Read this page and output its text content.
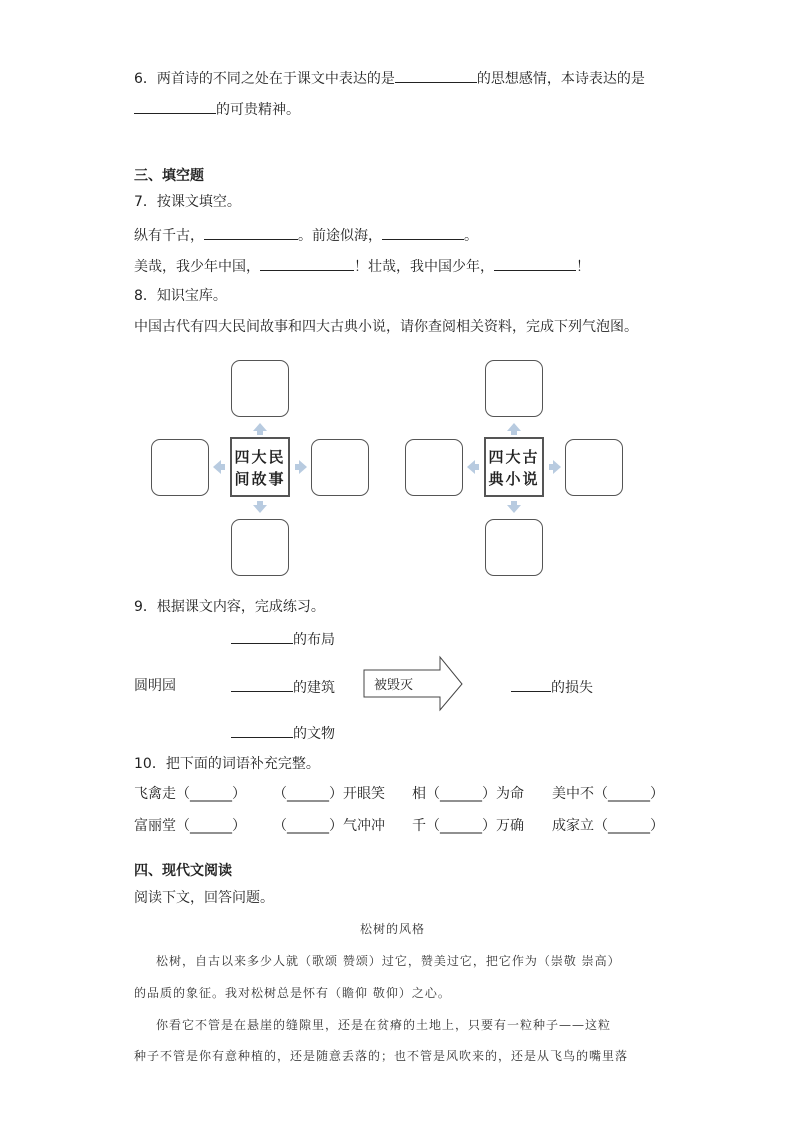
6．两首诗的不同之处在于课文中表达的是	的思想感情，本诗表达的是
的可贵精神。
三、填空题
7．按课文填空。
纵有千古，	。前途似海，	。
美哉，我少年中国，	！壮哉，我中国少年，	！
8．知识宝库。
中国古代有四大民间故事和四大古典小说，请你查阅相关资料，完成下列气泡图。
四大民
间故事
四大古
典小说
9．根据课文内容，完成练习。
的布局
圆明园	的建筑	被毁灭	的损失
的文物
10．把下面的词语补充完整。
飞禽走（______） （______）开眼笑 相（______）为命 美中不（______）
富丽堂（______） （______）气冲冲 千（______）万确 成家立（______）
四、现代文阅读
阅读下文，回答问题。
松树的风格
松树，自古以来多少人就（歌颂 赞颂）过它，赞美过它，把它作为（崇敬 崇高）
的品质的象征。我对松树总是怀有（瞻仰 敬仰）之心。
你看它不管是在悬崖的缝隙里，还是在贫瘠的土地上，只要有一粒种子——这粒
种子不管是你有意种植的，还是随意丢落的；也不管是风吹来的，还是从飞鸟的嘴里落
